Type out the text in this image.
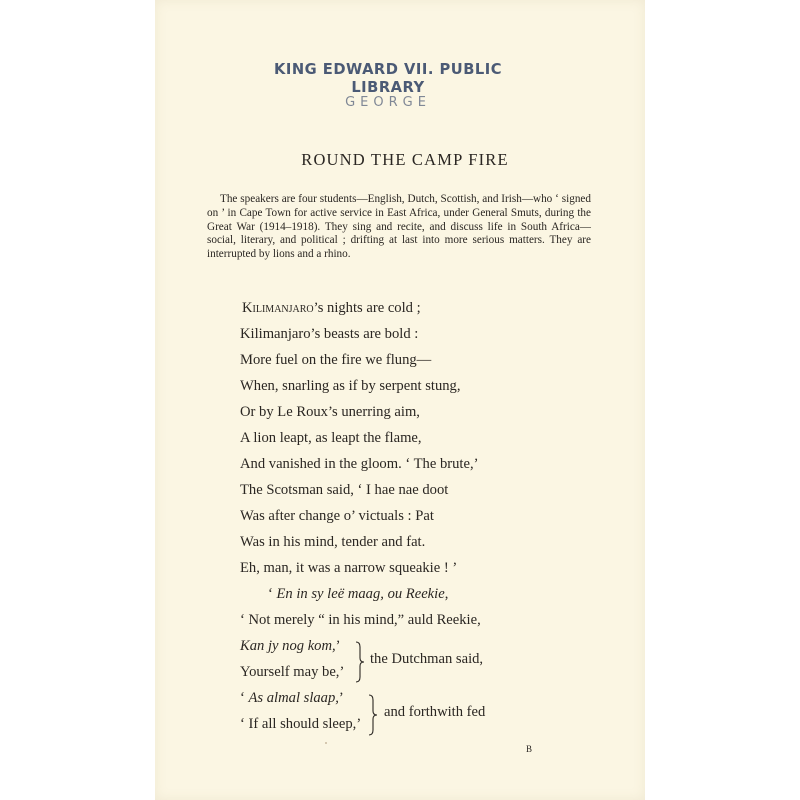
KING EDWARD VII. PUBLIC LIBRARY
GEORGE
ROUND THE CAMP FIRE

The speakers are four students—English, Dutch, Scottish, and Irish—who ‘ signed on ’ in Cape Town for active service in East Africa, under General Smuts, during the Great War (1914–1918). They sing and recite, and discuss life in South Africa—social, literary, and political ; drifting at last into more serious matters. They are interrupted by lions and a rhino.

Kilimanjaro’s nights are cold ;
Kilimanjaro’s beasts are bold :
More fuel on the fire we flung—
When, snarling as if by serpent stung,
Or by Le Roux’s unerring aim,
A lion leapt, as leapt the flame,
And vanished in the gloom. ‘ The brute,’
The Scotsman said, ‘ I hae nae doot
Was after change o’ victuals : Pat
Was in his mind, tender and fat.
Eh, man, it was a narrow squeakie ! ’
‘ En in sy leë maag, ou Reekie,
‘ Not merely “ in his mind,” auld Reekie,
Kan jy nog kom,’
Yourself may be,’
the Dutchman said,
‘ As almal slaap,’
‘ If all should sleep,’
and forthwith fed
B
